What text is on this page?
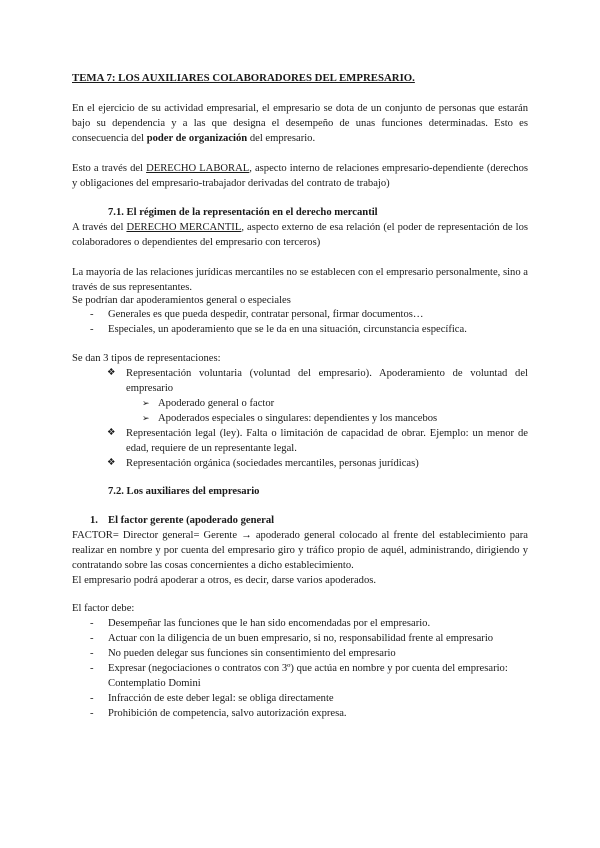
TEMA 7: LOS AUXILIARES COLABORADORES DEL EMPRESARIO.

En el ejercicio de su actividad empresarial, el empresario se dota de un conjunto de personas que estarán bajo su dependencia y a las que designa el desempeño de unas funciones determinadas. Esto es consecuencia del poder de organización del empresario.

Esto a través del DERECHO LABORAL, aspecto interno de relaciones empresario-dependiente (derechos y obligaciones del empresario-trabajador derivadas del contrato de trabajo)

7.1. El régimen de la representación en el derecho mercantil

A través del DERECHO MERCANTIL, aspecto externo de esa relación (el poder de representación de los colaboradores o dependientes del empresario con terceros)

La mayoría de las relaciones jurídicas mercantiles no se establecen con el empresario personalmente, sino a través de sus representantes.

Se podrían dar apoderamientos general o especiales

- Generales es que pueda despedir, contratar personal, firmar documentos…
- Especiales, un apoderamiento que se le da en una situación, circunstancia específica.

Se dan 3 tipos de representaciones:

❖ Representación voluntaria (voluntad del empresario). Apoderamiento de voluntad del empresario
➢ Apoderado general o factor
➢ Apoderados especiales o singulares: dependientes y los mancebos
❖ Representación legal (ley). Falta o limitación de capacidad de obrar. Ejemplo: un menor de edad, requiere de un representante legal.
❖ Representación orgánica (sociedades mercantiles, personas jurídicas)

7.2. Los auxiliares del empresario

1. El factor gerente (apoderado general

FACTOR= Director general= Gerente → apoderado general colocado al frente del establecimiento para realizar en nombre y por cuenta del empresario giro y tráfico propio de aquél, administrando, dirigiendo y contratando sobre las cosas concernientes a dicho establecimiento.

El empresario podrá apoderar a otros, es decir, darse varios apoderados.

El factor debe:

- Desempeñar las funciones que le han sido encomendadas por el empresario.
- Actuar con la diligencia de un buen empresario, si no, responsabilidad frente al empresario
- No pueden delegar sus funciones sin consentimiento del empresario
- Expresar (negociaciones o contratos con 3º) que actúa en nombre y por cuenta del empresario: Contemplatio Domini
- Infracción de este deber legal: se obliga directamente
- Prohibición de competencia, salvo autorización expresa.
